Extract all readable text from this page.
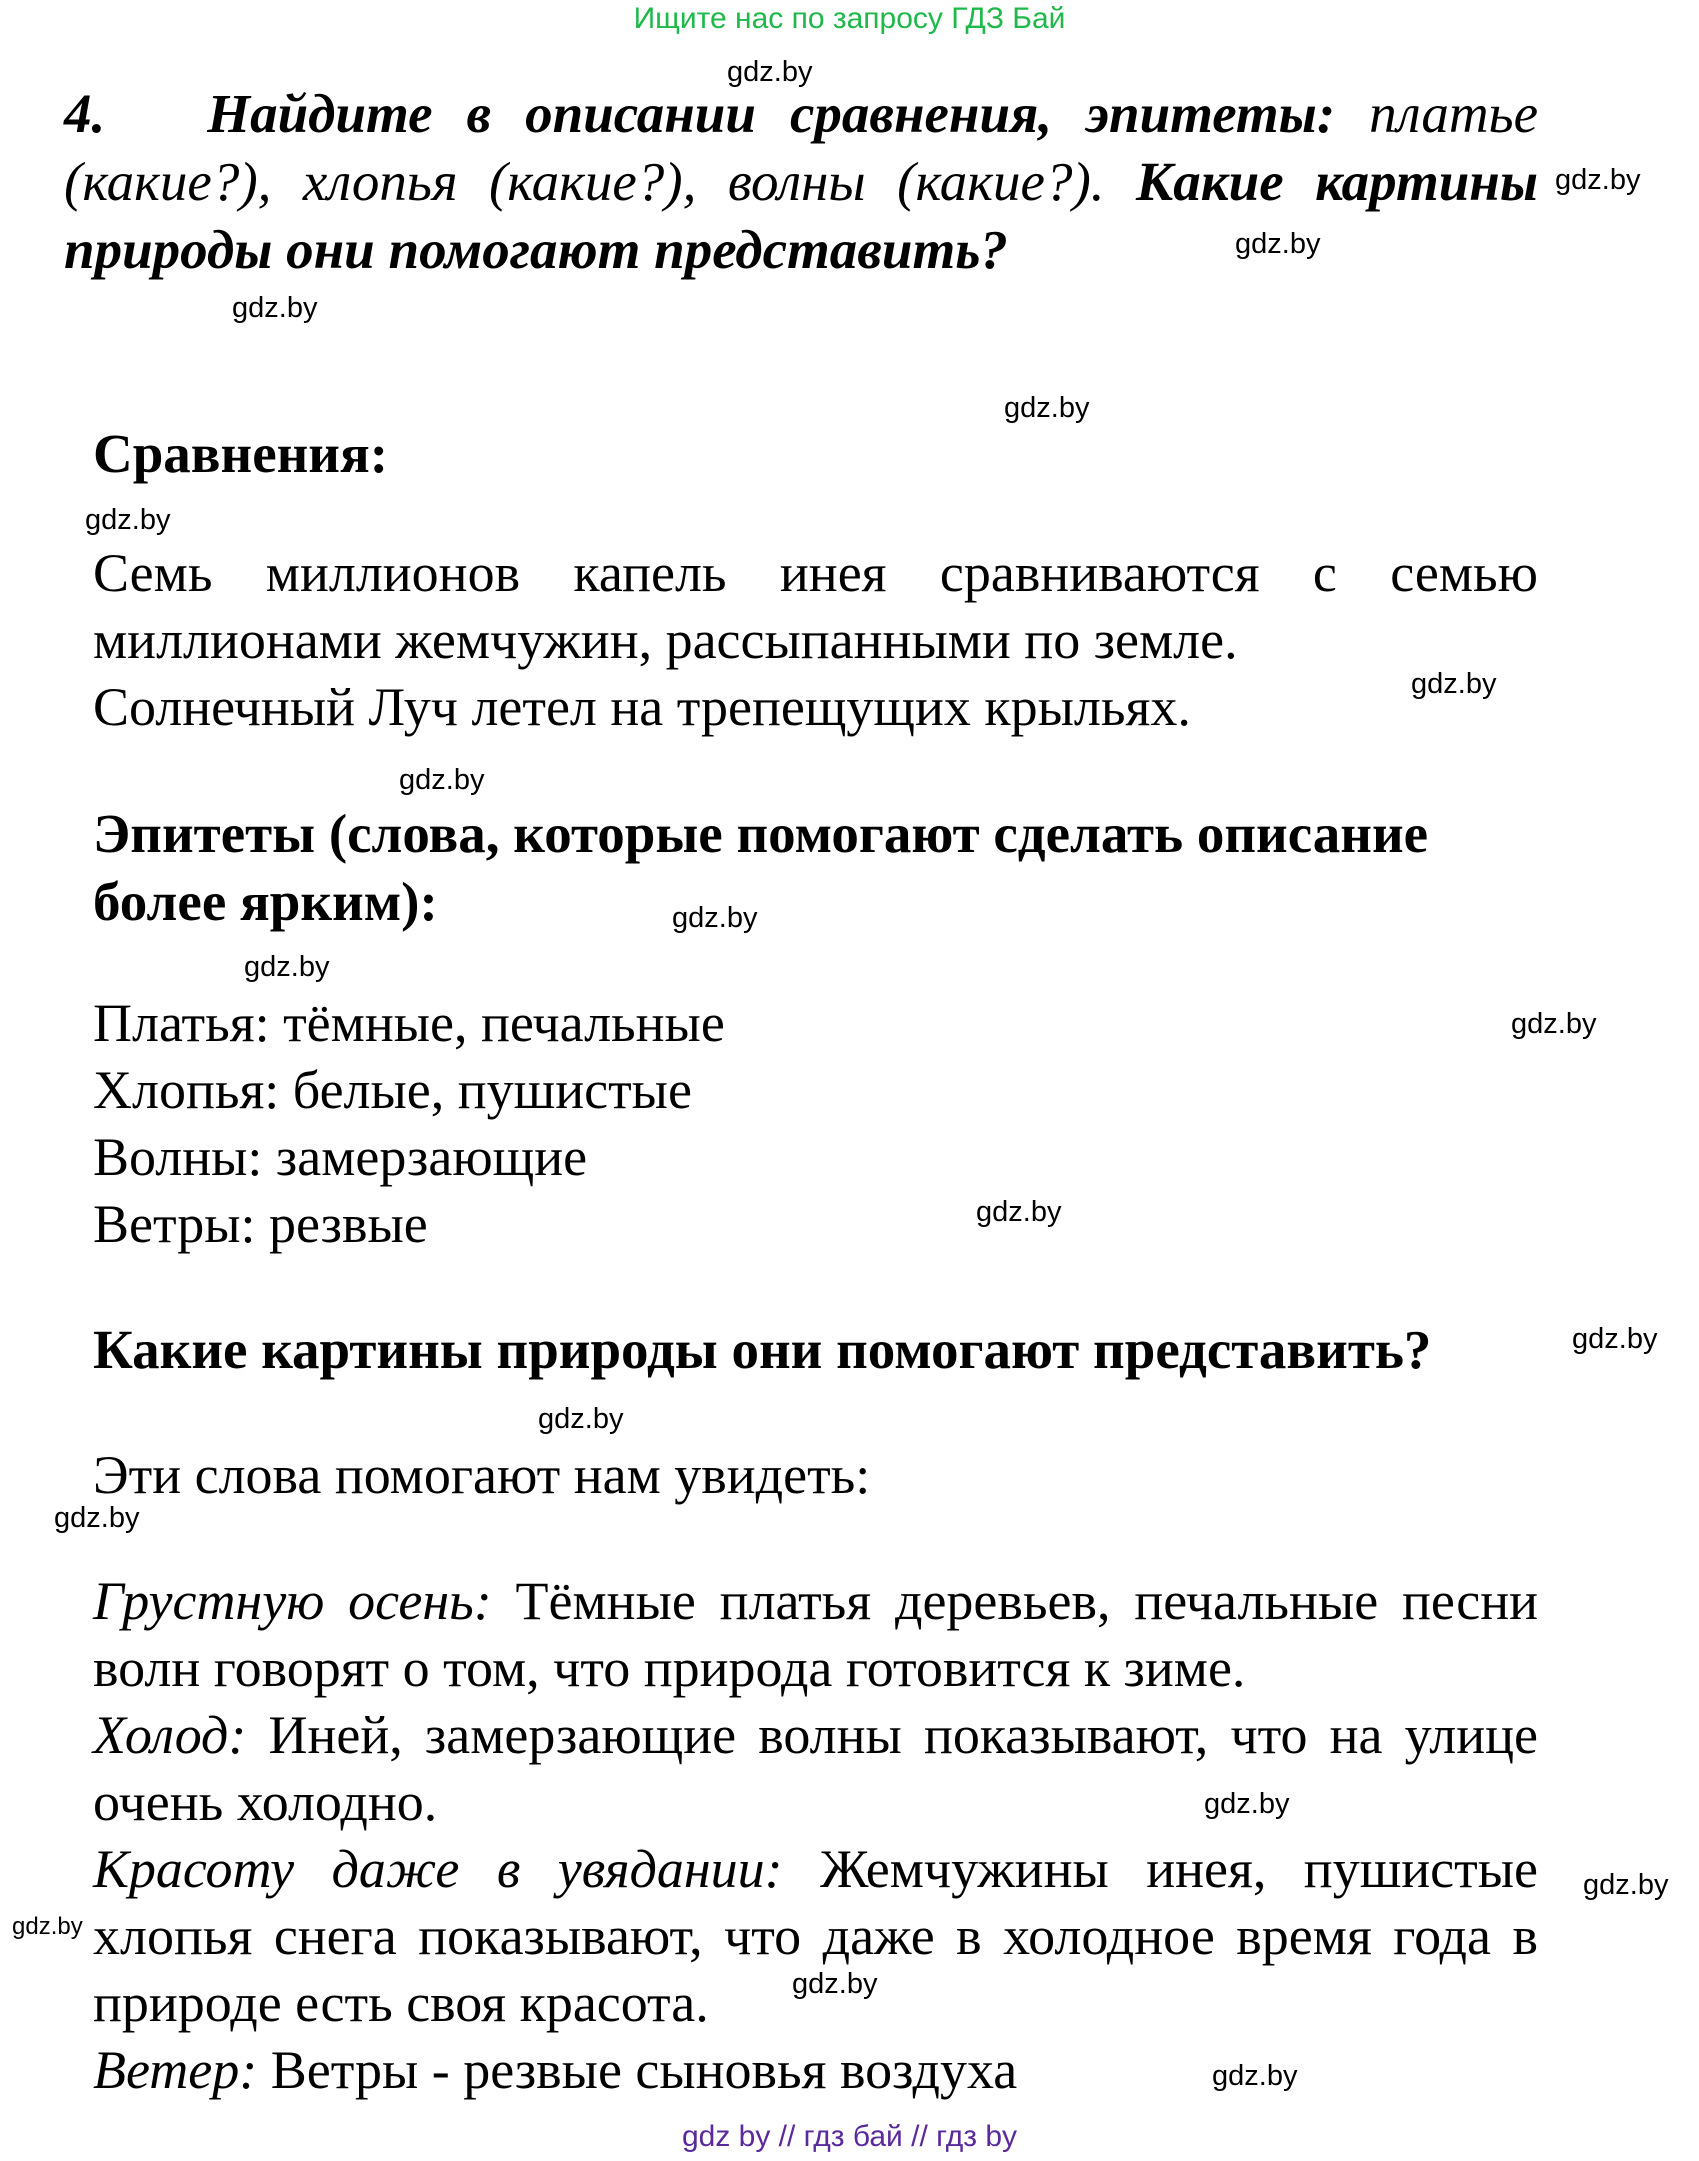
Ищите нас по запросу ГДЗ Бай

4. Найдите в описании сравнения, эпитеты: платье (какие?), хлопья (какие?), волны (какие?). Какие картины природы они помогают представить?

Сравнения:
Семь миллионов капель инея сравниваются с семью миллионами жемчужин, рассыпанными по земле.
Солнечный Луч летел на трепещущих крыльях.
Эпитеты (слова, которые помогают сделать описание более ярким):
Платья: тёмные, печальные
Хлопья: белые, пушистые
Волны: замерзающие
Ветры: резвые
Какие картины природы они помогают представить?
Эти слова помогают нам увидеть:
Грустную осень: Тёмные платья деревьев, печальные песни волн говорят о том, что природа готовится к зиме.
Холод: Иней, замерзающие волны показывают, что на улице очень холодно.
Красоту даже в увядании: Жемчужины инея, пушистые хлопья снега показывают, что даже в холодное время года в природе есть своя красота.
Ветер: Ветры - резвые сыновья воздуха
gdz.by
gdz.by
gdz.by
gdz.by
gdz.by
gdz.by
gdz.by
gdz.by
gdz.by
gdz.by
gdz.by
gdz.by
gdz.by
gdz.by
gdz.by
gdz.by
gdz.by
gdz.by
gdz.by
gdz.by

gdz by // гдз бай // гдз by
